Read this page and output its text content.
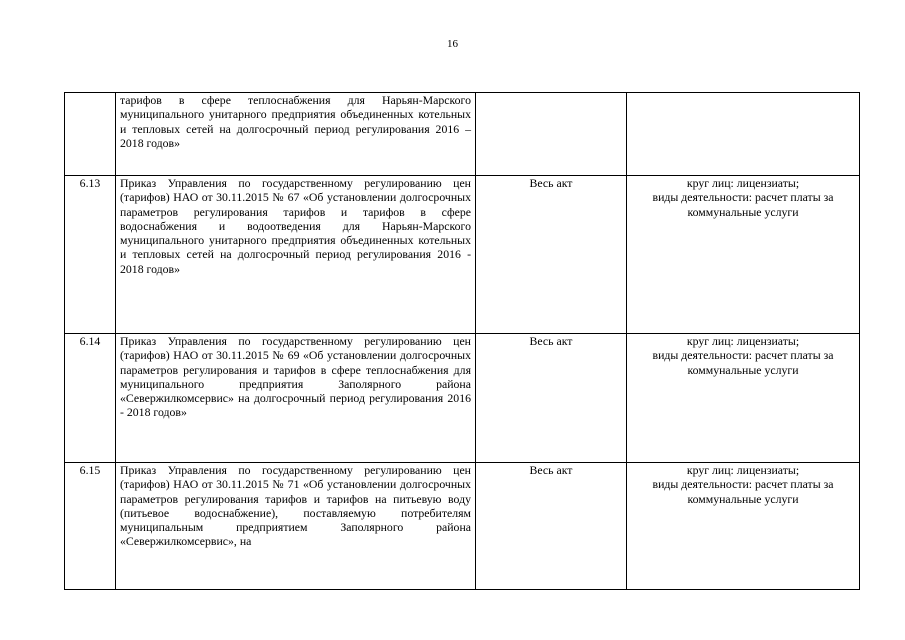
16
	тарифов в сфере теплоснабжения для Нарьян-Марского муниципального унитарного предприятия объединенных котельных и тепловых сетей на долгосрочный период регулирования 2016 – 2018 годов»		
6.13	Приказ Управления по государственному регулированию цен (тарифов) НАО от 30.11.2015 № 67 «Об установлении долгосрочных параметров регулирования тарифов и тарифов в сфере водоснабжения и водоотведения для Нарьян-Марского муниципального унитарного предприятия объединенных котельных и тепловых сетей на долгосрочный период регулирования 2016 - 2018 годов»	Весь акт	круг лиц: лицензиаты;
виды деятельности: расчет платы за коммунальные услуги
6.14	Приказ Управления по государственному регулированию цен (тарифов) НАО от 30.11.2015 № 69 «Об установлении долгосрочных параметров регулирования и тарифов в сфере теплоснабжения для муниципального предприятия Заполярного района «Севержилкомсервис» на долгосрочный период регулирования 2016 - 2018 годов»	Весь акт	круг лиц: лицензиаты;
виды деятельности: расчет платы за коммунальные услуги
6.15	Приказ Управления по государственному регулированию цен (тарифов) НАО от 30.11.2015 № 71 «Об установлении долгосрочных параметров регулирования тарифов и тарифов на питьевую воду (питьевое водоснабжение), поставляемую потребителям муниципальным предприятием Заполярного района «Севержилкомсервис», на	Весь акт	круг лиц: лицензиаты;
виды деятельности: расчет платы за коммунальные услуги
